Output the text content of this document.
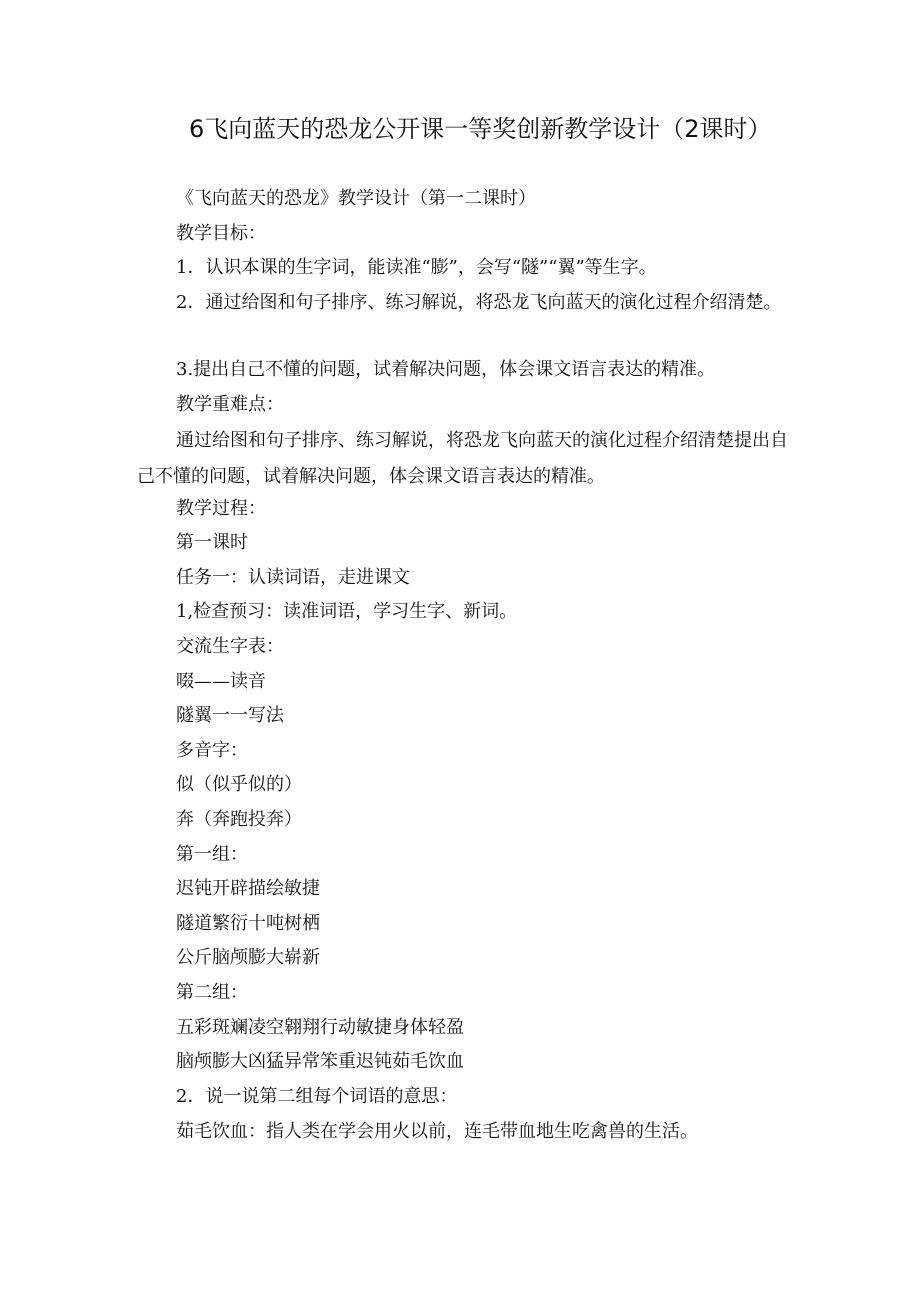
6飞向蓝天的恐龙公开课一等奖创新教学设计（2课时）
《飞向蓝天的恐龙》教学设计（第一二课时）
教学目标：
1．认识本课的生字词，能读准“膨”，会写“隧”“翼”等生字。
2．通过给图和句子排序、练习解说，将恐龙飞向蓝天的演化过程介绍清楚。
3.提出自己不懂的问题，试着解决问题，体会课文语言表达的精准。
教学重难点：
通过给图和句子排序、练习解说，将恐龙飞向蓝天的演化过程介绍清楚提出自己不懂的问题，试着解决问题，体会课文语言表达的精准。
教学过程：
第一课时
任务一：认读词语，走进课文
1,检查预习：读准词语，学习生字、新词。
交流生字表：
啜——读音
隧翼一一写法
多音字：
似（似乎似的）
奔（奔跑投奔）
第一组：
迟钝开辟描绘敏捷
隧道繁衍十吨树栖
公斤脑颅膨大崭新
第二组：
五彩斑斓凌空翱翔行动敏捷身体轻盈
脑颅膨大凶猛异常笨重迟钝茹毛饮血
2．说一说第二组每个词语的意思：
茹毛饮血：指人类在学会用火以前，连毛带血地生吃禽兽的生活。
